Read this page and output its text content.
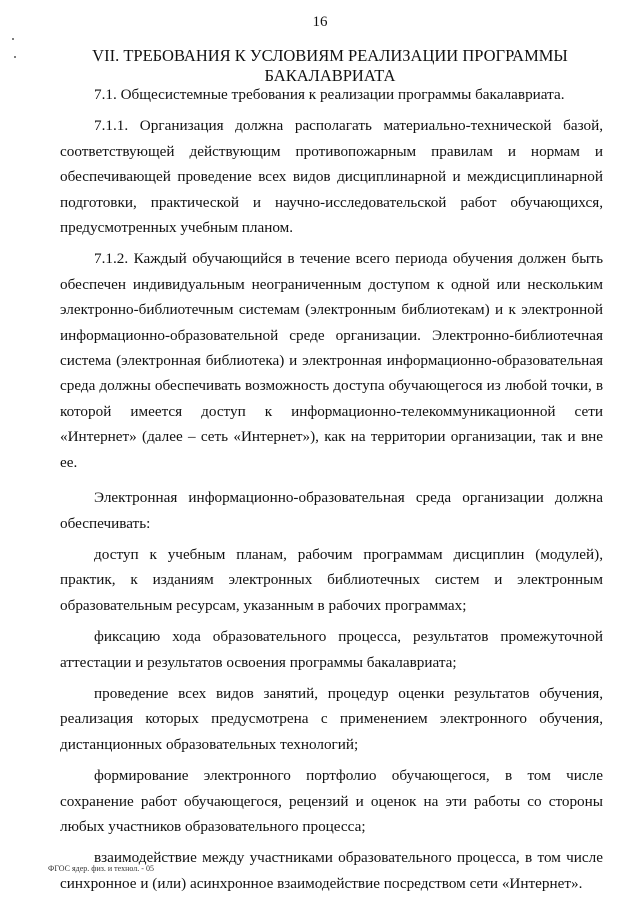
16
VII. ТРЕБОВАНИЯ К УСЛОВИЯМ РЕАЛИЗАЦИИ ПРОГРАММЫ
БАКАЛАВРИАТА

7.1. Общесистемные требования к реализации программы бакалавриата.

7.1.1. Организация должна располагать материально-технической базой, соответствующей действующим противопожарным правилам и нормам и обеспечивающей проведение всех видов дисциплинарной и междисциплинарной подготовки, практической и научно-исследовательской работ обучающихся, предусмотренных учебным планом.

7.1.2. Каждый обучающийся в течение всего периода обучения должен быть обеспечен индивидуальным неограниченным доступом к одной или нескольким электронно-библиотечным системам (электронным библиотекам) и к электронной информационно-образовательной среде организации. Электронно-библиотечная система (электронная библиотека) и электронная информационно-образовательная среда должны обеспечивать возможность доступа обучающегося из любой точки, в которой имеется доступ к информационно-телекоммуникационной сети «Интернет» (далее – сеть «Интернет»), как на территории организации, так и вне ее.

Электронная информационно-образовательная среда организации должна обеспечивать:

доступ к учебным планам, рабочим программам дисциплин (модулей), практик, к изданиям электронных библиотечных систем и электронным образовательным ресурсам, указанным в рабочих программах;

фиксацию хода образовательного процесса, результатов промежуточной аттестации и результатов освоения программы бакалавриата;

проведение всех видов занятий, процедур оценки результатов обучения, реализация которых предусмотрена с применением электронного обучения, дистанционных образовательных технологий;

формирование электронного портфолио обучающегося, в том числе сохранение работ обучающегося, рецензий и оценок на эти работы со стороны любых участников образовательного процесса;

взаимодействие между участниками образовательного процесса, в том числе синхронное и (или) асинхронное взаимодействие посредством сети «Интернет».

ФГОС ядер. физ. и технол. - 05
